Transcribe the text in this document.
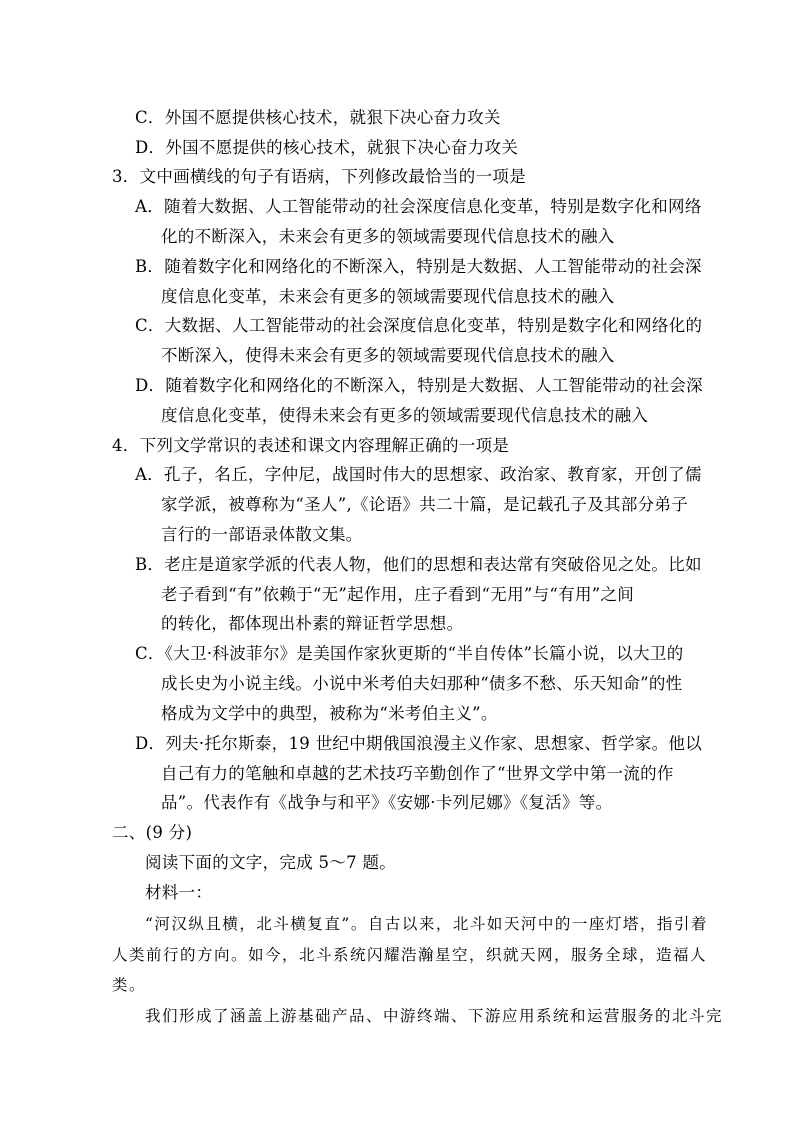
C．外国不愿提供核心技术，就狠下决心奋力攻关
D．外国不愿提供的核心技术，就狠下决心奋力攻关
3．文中画横线的句子有语病，下列修改最恰当的一项是
A．随着大数据、人工智能带动的社会深度信息化变革，特别是数字化和网络
化的不断深入，未来会有更多的领域需要现代信息技术的融入
B．随着数字化和网络化的不断深入，特别是大数据、人工智能带动的社会深
度信息化变革，未来会有更多的领域需要现代信息技术的融入
C．大数据、人工智能带动的社会深度信息化变革，特别是数字化和网络化的
不断深入，使得未来会有更多的领域需要现代信息技术的融入
D．随着数字化和网络化的不断深入，特别是大数据、人工智能带动的社会深
度信息化变革，使得未来会有更多的领域需要现代信息技术的融入
4．下列文学常识的表述和课文内容理解正确的一项是
A．孔子，名丘，字仲尼，战国时伟大的思想家、政治家、教育家，开创了儒
家学派，被尊称为“圣人”,《论语》共二十篇，是记载孔子及其部分弟子
言行的一部语录体散文集。
B．老庄是道家学派的代表人物，他们的思想和表达常有突破俗见之处。比如
老子看到“有”依赖于“无”起作用，庄子看到“无用”与“有用”之间
的转化，都体现出朴素的辩证哲学思想。
C．《大卫·科波菲尔》是美国作家狄更斯的“半自传体”长篇小说，以大卫的
成长史为小说主线。小说中米考伯夫妇那种“债多不愁、乐天知命”的性
格成为文学中的典型，被称为“米考伯主义”。
D．列夫·托尔斯泰，19 世纪中期俄国浪漫主义作家、思想家、哲学家。他以
自己有力的笔触和卓越的艺术技巧辛勤创作了“世界文学中第一流的作
品”。代表作有《战争与和平》《安娜·卡列尼娜》《复活》等。
二、(9 分)
阅读下面的文字，完成 5～7 题。
材料一：
“河汉纵且横，北斗横复直”。自古以来，北斗如天河中的一座灯塔，指引着
人类前行的方向。如今，北斗系统闪耀浩瀚星空，织就天网，服务全球，造福人
类。
我们形成了涵盖上游基础产品、中游终端、下游应用系统和运营服务的北斗完
